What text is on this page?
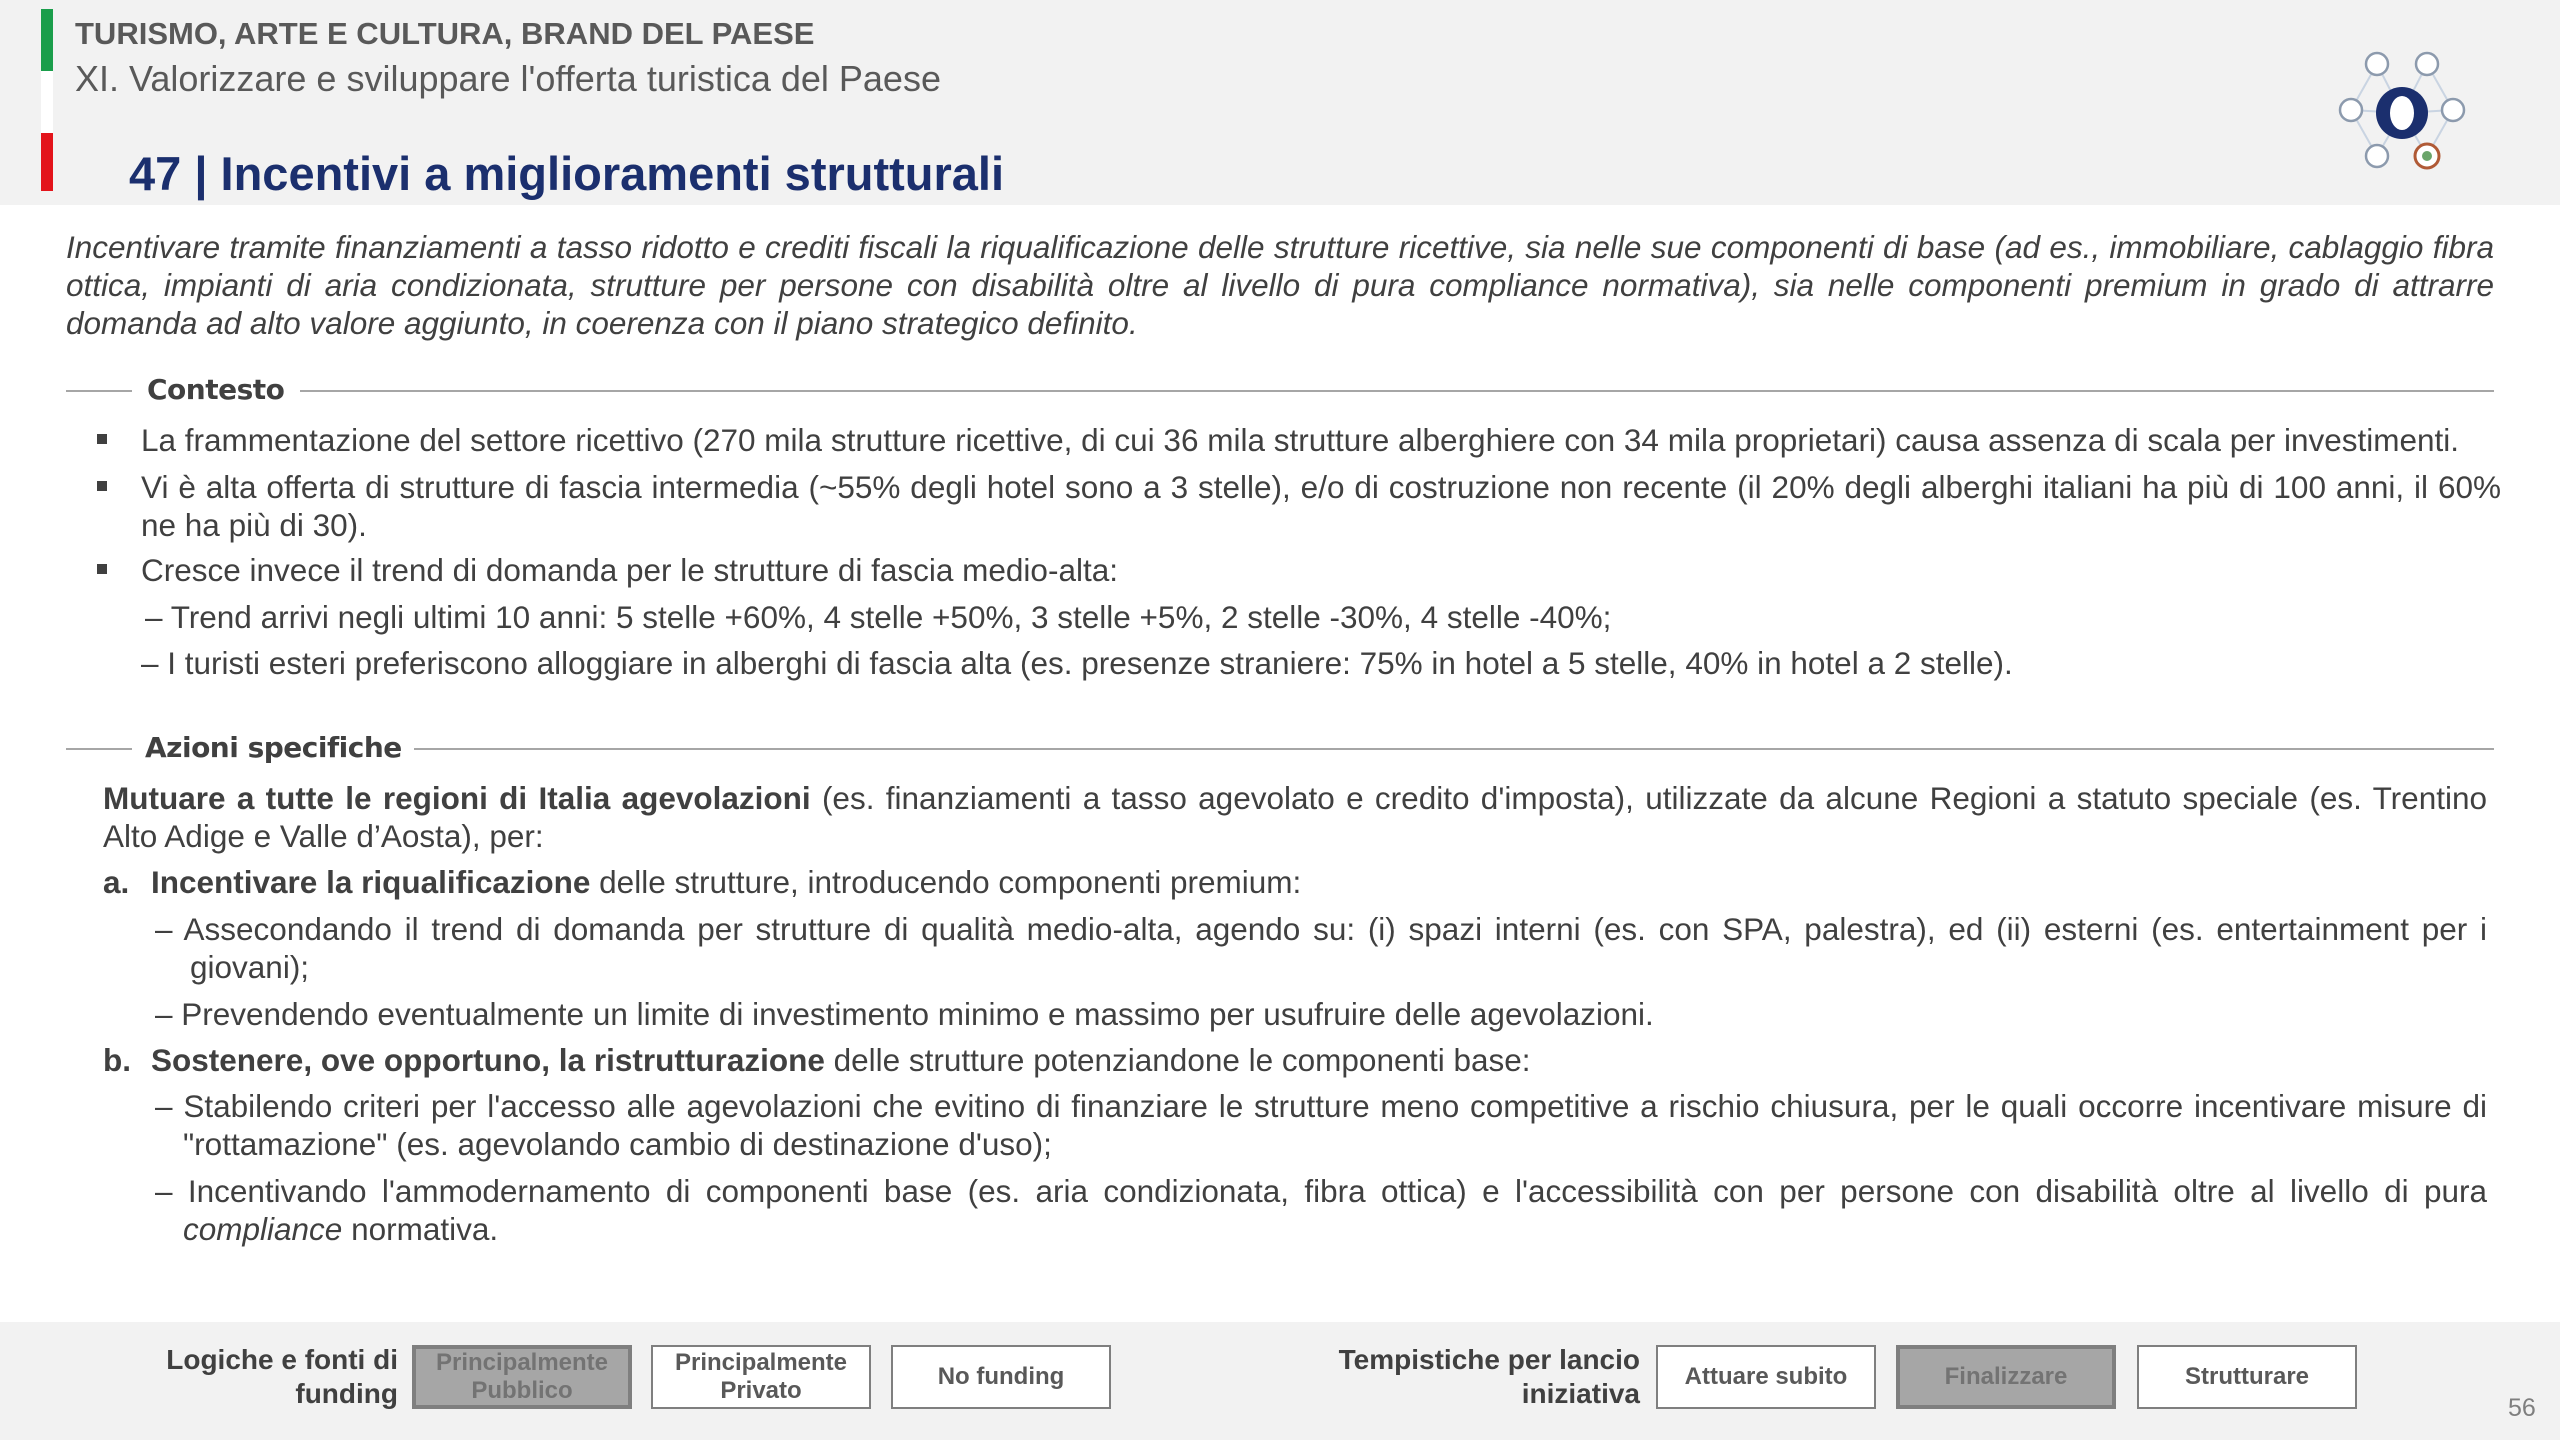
TURISMO, ARTE E CULTURA, BRAND DEL PAESE
XI. Valorizzare e sviluppare l'offerta turistica del Paese
47 | Incentivi a miglioramenti strutturali
Incentivare tramite finanziamenti a tasso ridotto e crediti fiscali la riqualificazione delle strutture ricettive, sia nelle sue componenti di base (ad es., immobiliare, cablaggio fibra ottica, impianti di aria condizionata, strutture per persone con disabilità oltre al livello di pura compliance normativa), sia nelle componenti premium in grado di attrarre domanda ad alto valore aggiunto, in coerenza con il piano strategico definito.
Contesto
La frammentazione del settore ricettivo (270 mila strutture ricettive, di cui 36 mila strutture alberghiere con 34 mila proprietari) causa assenza di scala per investimenti.
Vi è alta offerta di strutture di fascia intermedia (~55% degli hotel sono a 3 stelle), e/o di costruzione non recente (il 20% degli alberghi italiani ha più di 100 anni, il 60%
ne ha più di 30).
Cresce invece il trend di domanda per le strutture di fascia medio-alta:
– Trend arrivi negli ultimi 10 anni: 5 stelle +60%, 4 stelle +50%, 3 stelle +5%, 2 stelle -30%, 4 stelle -40%;
– I turisti esteri preferiscono alloggiare in alberghi di fascia alta (es. presenze straniere: 75% in hotel a 5 stelle, 40% in hotel a 2 stelle).
Azioni specifiche
Mutuare a tutte le regioni di Italia agevolazioni (es. finanziamenti a tasso agevolato e credito d'imposta), utilizzate da alcune Regioni a statuto speciale (es. Trentino
Alto Adige e Valle d’Aosta), per:
a. Incentivare la riqualificazione delle strutture, introducendo componenti premium:
– Assecondando il trend di domanda per strutture di qualità medio-alta, agendo su: (i) spazi interni (es. con SPA, palestra), ed (ii) esterni (es. entertainment per i
giovani);
– Prevendendo eventualmente un limite di investimento minimo e massimo per usufruire delle agevolazioni.
b. Sostenere, ove opportuno, la ristrutturazione delle strutture potenziandone le componenti base:
– Stabilendo criteri per l'accesso alle agevolazioni che evitino di finanziare le strutture meno competitive a rischio chiusura, per le quali occorre incentivare misure di
"rottamazione" (es. agevolando cambio di destinazione d'uso);
– Incentivando l'ammodernamento di componenti base (es. aria condizionata, fibra ottica) e l'accessibilità con per persone con disabilità oltre al livello di pura
compliance normativa.
Logiche e fonti di
funding
Principalmente
Pubblico
Principalmente
Privato
No funding
Tempistiche per lancio
iniziativa
Attuare subito	Finalizzare	Strutturare
56
